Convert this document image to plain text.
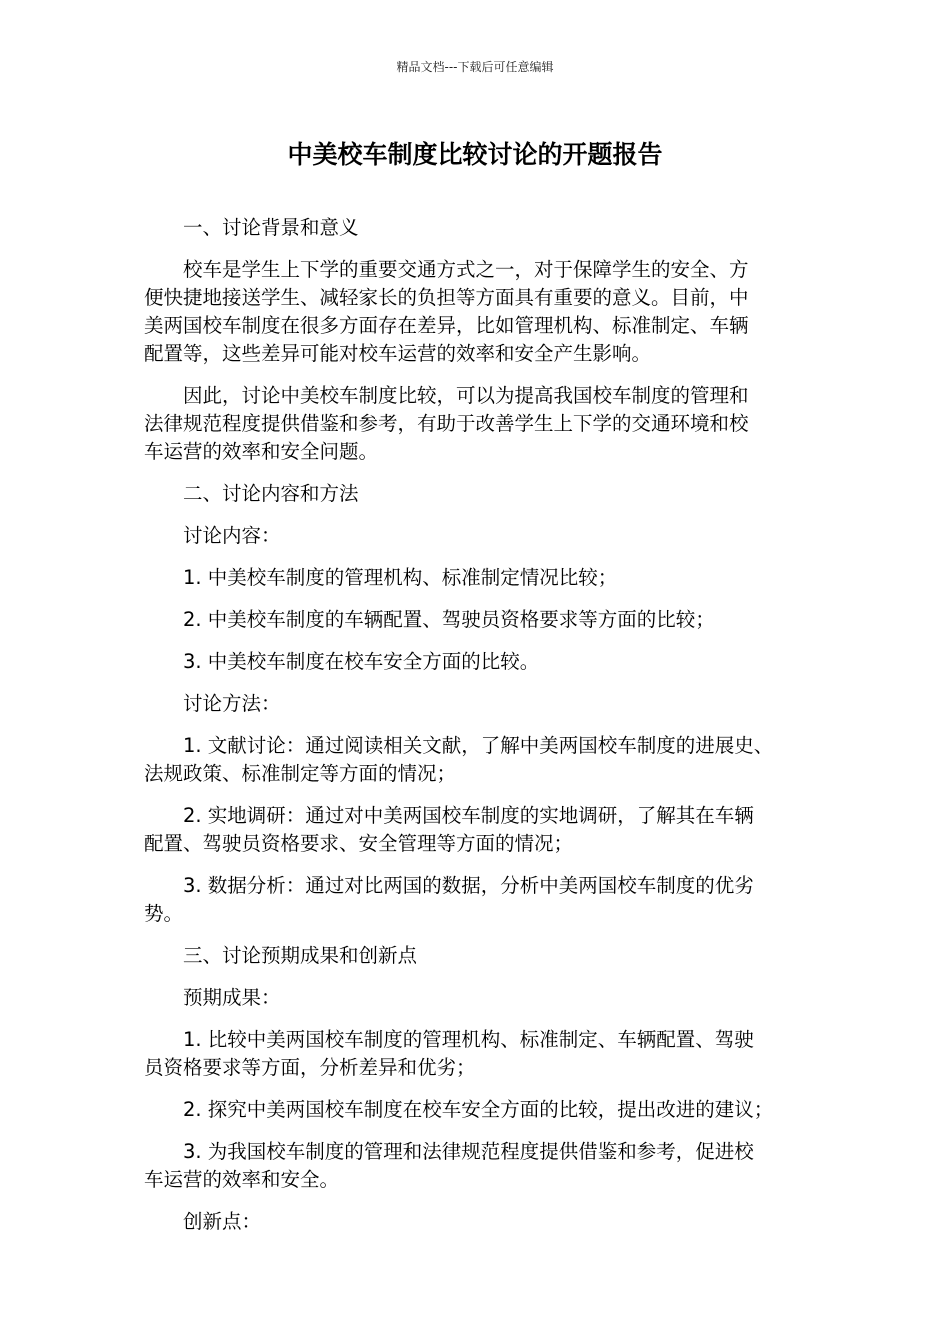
精品文档---下载后可任意编辑
中美校车制度比较讨论的开题报告
一、讨论背景和意义
校车是学生上下学的重要交通方式之一，对于保障学生的安全、方
便快捷地接送学生、减轻家长的负担等方面具有重要的意义。目前，中
美两国校车制度在很多方面存在差异，比如管理机构、标准制定、车辆
配置等，这些差异可能对校车运营的效率和安全产生影响。
因此，讨论中美校车制度比较，可以为提高我国校车制度的管理和
法律规范程度提供借鉴和参考，有助于改善学生上下学的交通环境和校
车运营的效率和安全问题。
二、讨论内容和方法
讨论内容：
1. 中美校车制度的管理机构、标准制定情况比较；
2. 中美校车制度的车辆配置、驾驶员资格要求等方面的比较；
3. 中美校车制度在校车安全方面的比较。
讨论方法：
1. 文献讨论：通过阅读相关文献，了解中美两国校车制度的进展史、
法规政策、标准制定等方面的情况；
2. 实地调研：通过对中美两国校车制度的实地调研，了解其在车辆
配置、驾驶员资格要求、安全管理等方面的情况；
3. 数据分析：通过对比两国的数据，分析中美两国校车制度的优劣
势。
三、讨论预期成果和创新点
预期成果：
1. 比较中美两国校车制度的管理机构、标准制定、车辆配置、驾驶
员资格要求等方面，分析差异和优劣；
2. 探究中美两国校车制度在校车安全方面的比较，提出改进的建议；
3. 为我国校车制度的管理和法律规范程度提供借鉴和参考，促进校
车运营的效率和安全。
创新点：
